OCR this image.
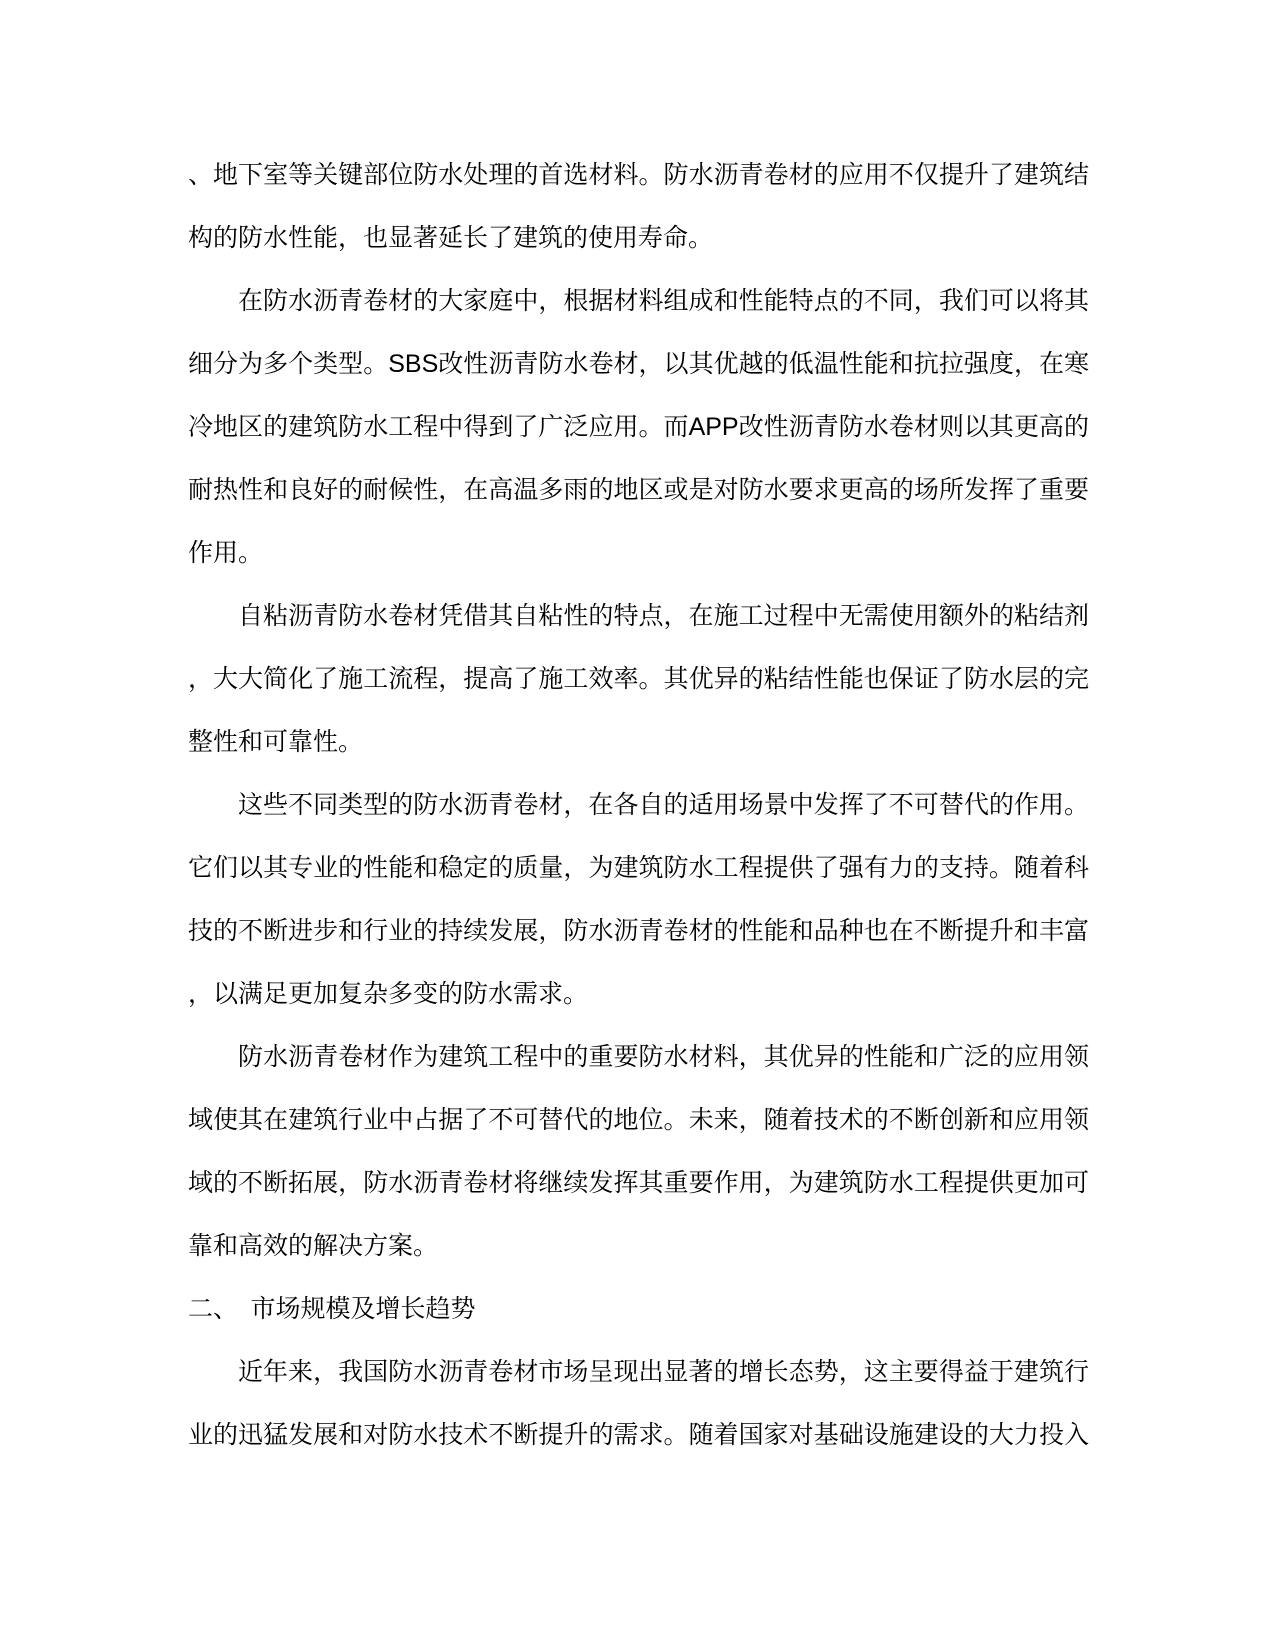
、地下室等关键部位防水处理的首选材料。防水沥青卷材的应用不仅提升了建筑结
构的防水性能，也显著延长了建筑的使用寿命。
在防水沥青卷材的大家庭中，根据材料组成和性能特点的不同，我们可以将其
细分为多个类型。SBS改性沥青防水卷材，以其优越的低温性能和抗拉强度，在寒
冷地区的建筑防水工程中得到了广泛应用。而APP改性沥青防水卷材则以其更高的
耐热性和良好的耐候性，在高温多雨的地区或是对防水要求更高的场所发挥了重要
作用。
自粘沥青防水卷材凭借其自粘性的特点，在施工过程中无需使用额外的粘结剂
，大大简化了施工流程，提高了施工效率。其优异的粘结性能也保证了防水层的完
整性和可靠性。
这些不同类型的防水沥青卷材，在各自的适用场景中发挥了不可替代的作用。
它们以其专业的性能和稳定的质量，为建筑防水工程提供了强有力的支持。随着科
技的不断进步和行业的持续发展，防水沥青卷材的性能和品种也在不断提升和丰富
，以满足更加复杂多变的防水需求。
防水沥青卷材作为建筑工程中的重要防水材料，其优异的性能和广泛的应用领
域使其在建筑行业中占据了不可替代的地位。未来，随着技术的不断创新和应用领
域的不断拓展，防水沥青卷材将继续发挥其重要作用，为建筑防水工程提供更加可
靠和高效的解决方案。
二、　市场规模及增长趋势
近年来，我国防水沥青卷材市场呈现出显著的增长态势，这主要得益于建筑行
业的迅猛发展和对防水技术不断提升的需求。随着国家对基础设施建设的大力投入
